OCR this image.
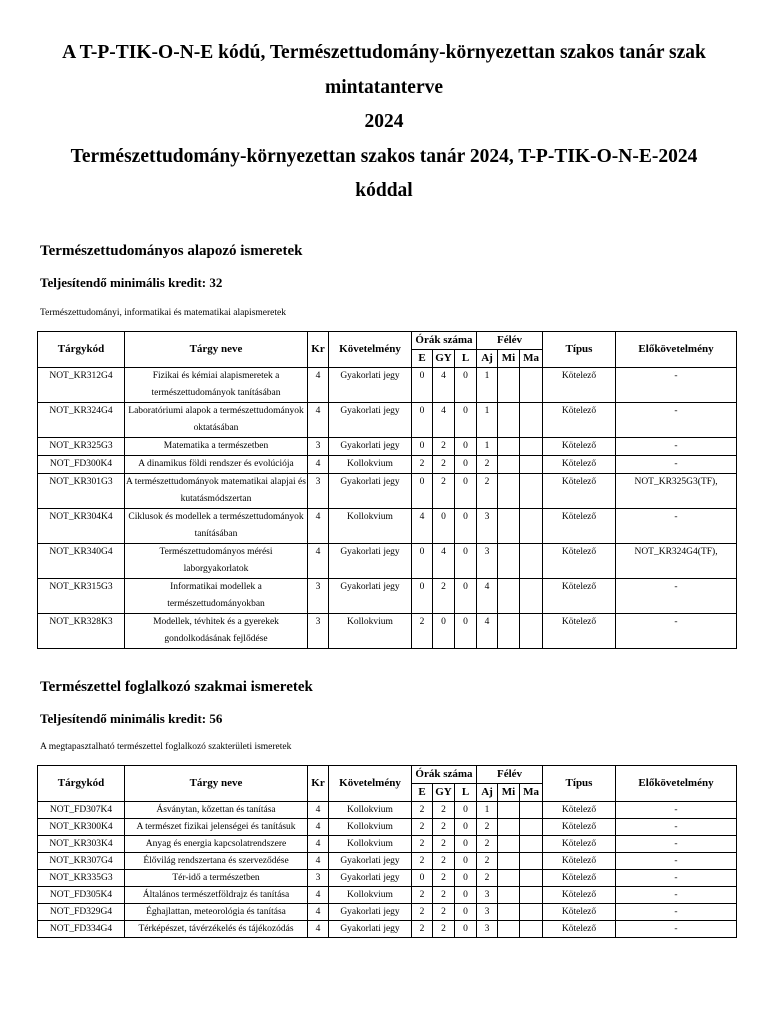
A T-P-TIK-O-N-E kódú, Természettudomány-környezettan szakos tanár szak
mintatanterve
2024
Természettudomány-környezettan szakos tanár 2024, T-P-TIK-O-N-E-2024
kóddal
Természettudományos alapozó ismeretek
Teljesítendő minimális kredit: 32
Természettudományi, informatikai és matematikai alapismeretek
Tárgykód	Tárgy neve	Kr	Követelmény	Órák száma			Félév			Típus	Előkövetelmény
				E	GY	L	Aj	Mi	Ma		
NOT_KR312G4	Fizikai és kémiai alapismeretek a természettudományok tanításában	4	Gyakorlati jegy	0	4	0	1			Kötelező	-
NOT_KR324G4	Laboratóriumi alapok a természettudományok oktatásában	4	Gyakorlati jegy	0	4	0	1			Kötelező	-
NOT_KR325G3	Matematika a természetben	3	Gyakorlati jegy	0	2	0	1			Kötelező	-
NOT_FD300K4	A dinamikus földi rendszer és evolúciója	4	Kollokvium	2	2	0	2			Kötelező	-
NOT_KR301G3	A természettudományok matematikai alapjai és kutatásmódszertan	3	Gyakorlati jegy	0	2	0	2			Kötelező	NOT_KR325G3(TF),
NOT_KR304K4	Ciklusok és modellek a természettudományok tanításában	4	Kollokvium	4	0	0	3			Kötelező	-
NOT_KR340G4	Természettudományos mérési laborgyakorlatok	4	Gyakorlati jegy	0	4	0	3			Kötelező	NOT_KR324G4(TF),
NOT_KR315G3	Informatikai modellek a természettudományokban	3	Gyakorlati jegy	0	2	0	4			Kötelező	-
NOT_KR328K3	Modellek, tévhitek és a gyerekek gondolkodásának fejlődése	3	Kollokvium	2	0	0	4			Kötelező	-
Természettel foglalkozó szakmai ismeretek
Teljesítendő minimális kredit: 56
A megtapasztalható természettel foglalkozó szakterületi ismeretek
Tárgykód	Tárgy neve	Kr	Követelmény	Órák száma			Félév			Típus	Előkövetelmény
				E	GY	L	Aj	Mi	Ma		
NOT_FD307K4	Ásványtan, kőzettan és tanítása	4	Kollokvium	2	2	0	1			Kötelező	-
NOT_KR300K4	A természet fizikai jelenségei és tanításuk	4	Kollokvium	2	2	0	2			Kötelező	-
NOT_KR303K4	Anyag és energia kapcsolatrendszere	4	Kollokvium	2	2	0	2			Kötelező	-
NOT_KR307G4	Élővilág rendszertana és szerveződése	4	Gyakorlati jegy	2	2	0	2			Kötelező	-
NOT_KR335G3	Tér-idő a természetben	3	Gyakorlati jegy	0	2	0	2			Kötelező	-
NOT_FD305K4	Általános természetföldrajz és tanítása	4	Kollokvium	2	2	0	3			Kötelező	-
NOT_FD329G4	Éghajlattan, meteorológia és tanítása	4	Gyakorlati jegy	2	2	0	3			Kötelező	-
NOT_FD334G4	Térképészet, távérzékelés és tájékozódás	4	Gyakorlati jegy	2	2	0	3			Kötelező	-
